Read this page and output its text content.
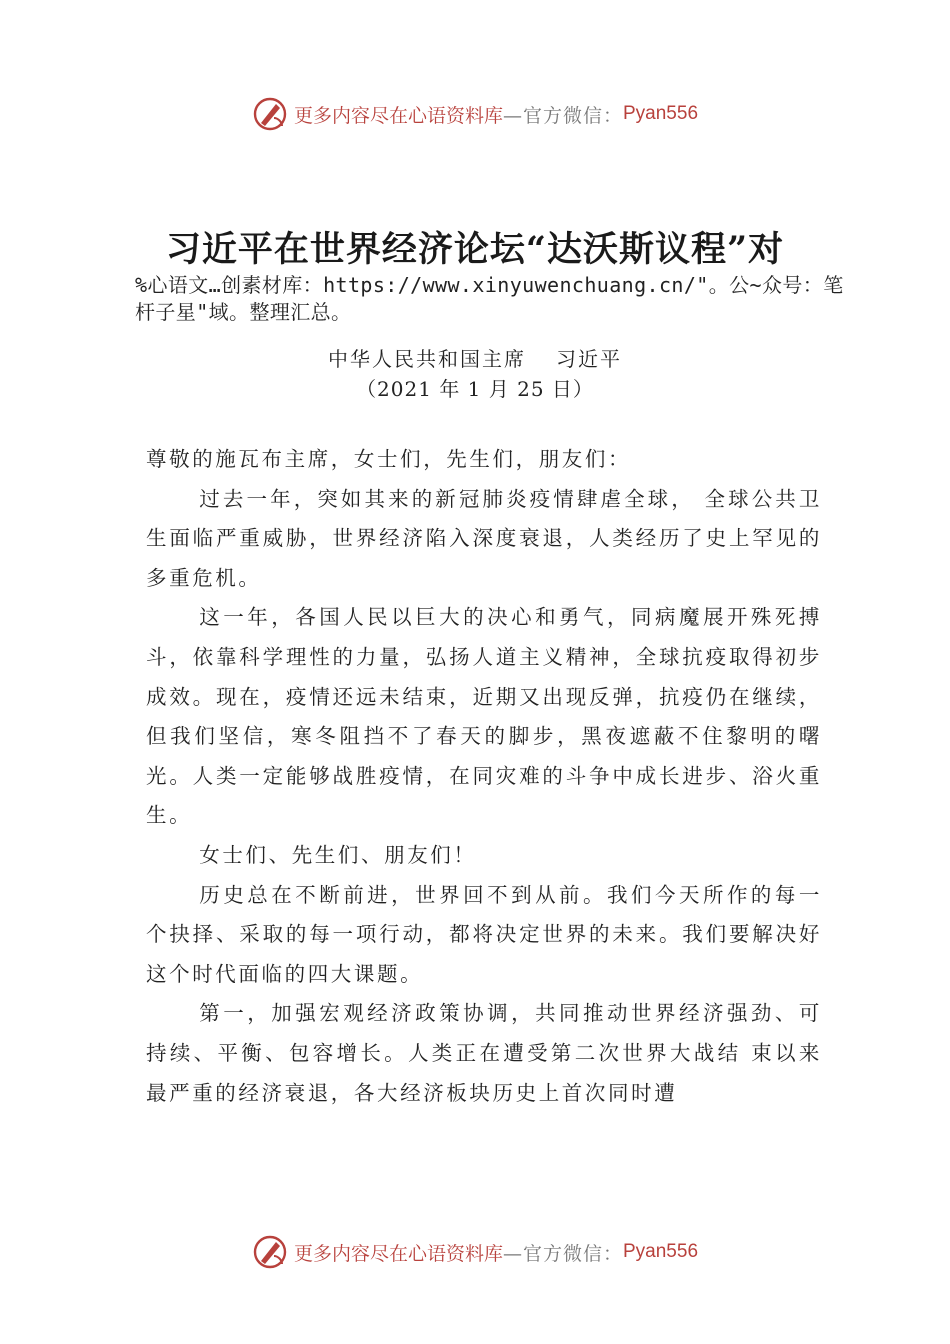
更多内容尽在心语资料库 —官方微信： Pyan556
习近平在世界经济论坛“达沃斯议程”对
%心语文…创素材库：https://www.xinyuwenchuang.cn/"。公~众号：笔杆子星"域。整理汇总。
中华人民共和国主席 习近平
（2021 年 1 月 25 日）

尊敬的施瓦布主席，女士们，先生们，朋友们：

过去一年，突如其来的新冠肺炎疫情肆虐全球， 全球公共卫生面临严重威胁，世界经济陷入深度衰退，人类经历了史上罕见的多重危机。

这一年，各国人民以巨大的决心和勇气，同病魔展开殊死搏斗，依靠科学理性的力量，弘扬人道主义精神，全球抗疫取得初步成效。现在，疫情还远未结束，近期又出现反弹，抗疫仍在继续，但我们坚信，寒冬阻挡不了春天的脚步，黑夜遮蔽不住黎明的曙光。人类一定能够战胜疫情，在同灾难的斗争中成长进步、浴火重生。

女士们、先生们、朋友们！

历史总在不断前进，世界回不到从前。我们今天所作的每一个抉择、采取的每一项行动，都将决定世界的未来。我们要解决好这个时代面临的四大课题。

第一，加强宏观经济政策协调，共同推动世界经济强劲、可持续、平衡、包容增长。人类正在遭受第二次世界大战结 束以来最严重的经济衰退，各大经济板块历史上首次同时遭

更多内容尽在心语资料库 —官方微信： Pyan556
